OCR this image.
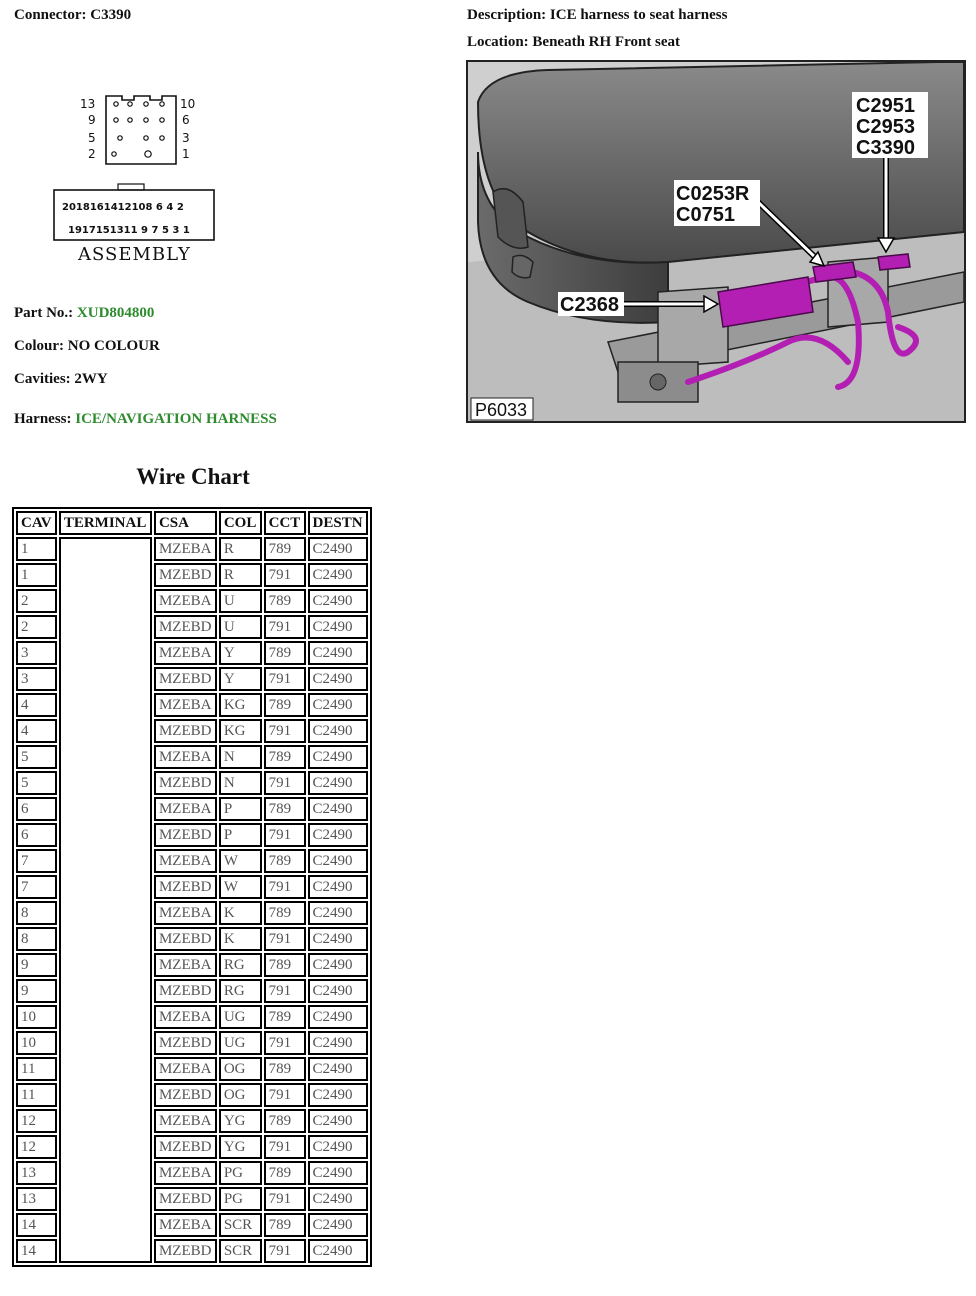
Connector: C3390	Description: ICE harness to seat harness
Location: Beneath RH Front seat
13
9
5
2
10
6
3
1
2018161412108 6 4 2
1917151311 9 7 5 3 1
ASSEMBLY
C2951
C2953
C3390
C0253R
C0751
C2368
P6033
Part No.: XUD804800
Colour: NO COLOUR
Cavities: 2WY
Harness: ICE/NAVIGATION HARNESS
Wire Chart
CAV	TERMINAL	CSA	COL	CCT	DESTN
1		MZEBA	R	789	C2490
1		MZEBD	R	791	C2490
2		MZEBA	U	789	C2490
2		MZEBD	U	791	C2490
3		MZEBA	Y	789	C2490
3		MZEBD	Y	791	C2490
4		MZEBA	KG	789	C2490
4		MZEBD	KG	791	C2490
5		MZEBA	N	789	C2490
5		MZEBD	N	791	C2490
6		MZEBA	P	789	C2490
6		MZEBD	P	791	C2490
7		MZEBA	W	789	C2490
7		MZEBD	W	791	C2490
8		MZEBA	K	789	C2490
8		MZEBD	K	791	C2490
9		MZEBA	RG	789	C2490
9		MZEBD	RG	791	C2490
10		MZEBA	UG	789	C2490
10		MZEBD	UG	791	C2490
11		MZEBA	OG	789	C2490
11		MZEBD	OG	791	C2490
12		MZEBA	YG	789	C2490
12		MZEBD	YG	791	C2490
13		MZEBA	PG	789	C2490
13		MZEBD	PG	791	C2490
14		MZEBA	SCR	789	C2490
14		MZEBD	SCR	791	C2490
